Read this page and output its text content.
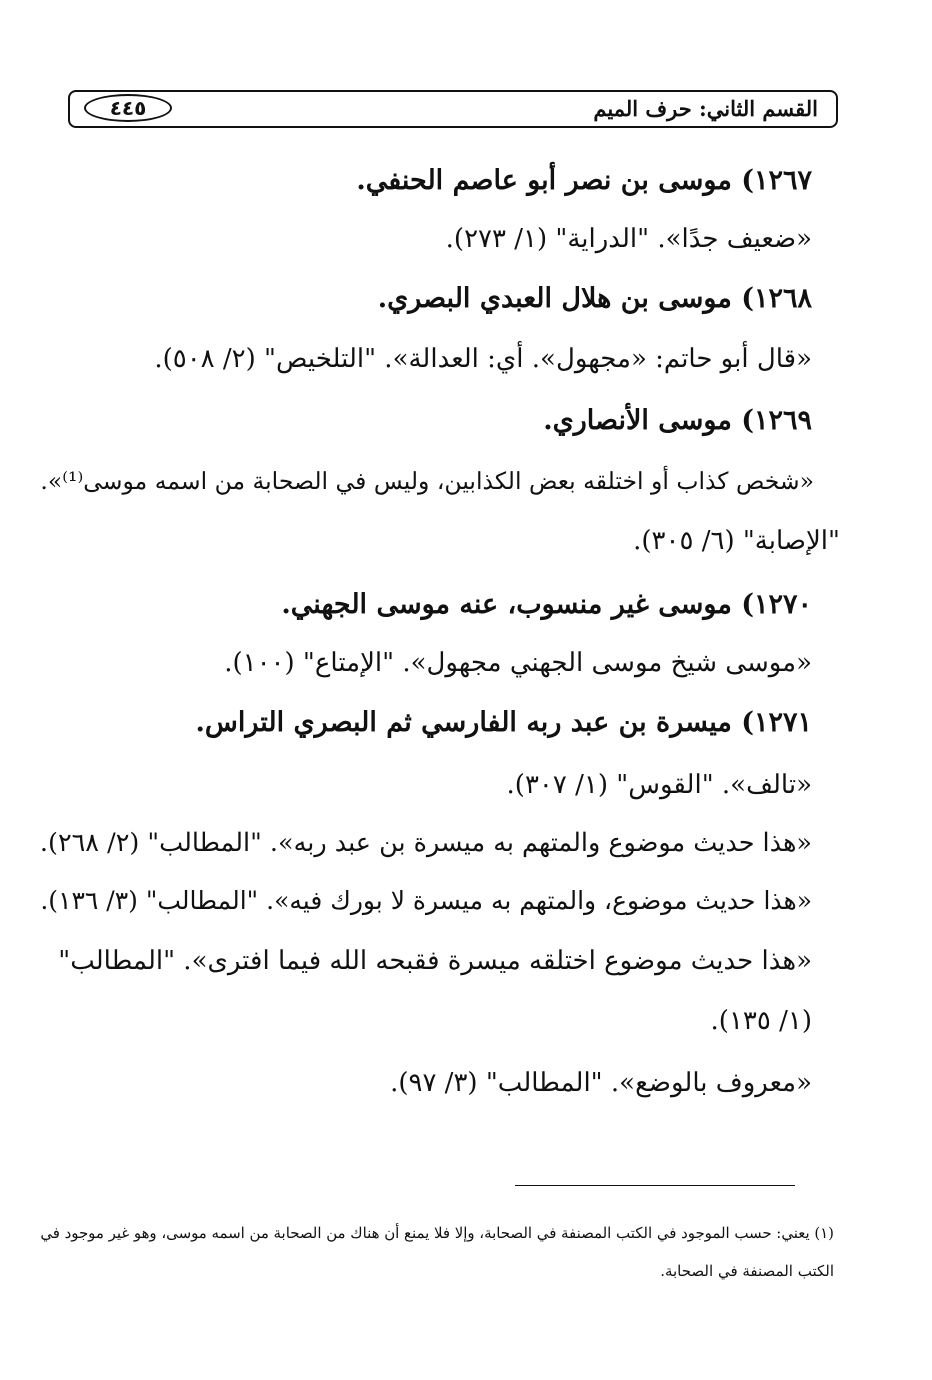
القسم الثاني: حرف الميم
٤٤٥
١٢٦٧) موسى بن نصر أبو عاصم الحنفي.
«ضعيف جدًا». "الدراية" (١/ ٢٧٣).
١٢٦٨) موسى بن هلال العبدي البصري.
«قال أبو حاتم: «مجهول». أي: العدالة». "التلخيص" (٢/ ٥٠٨).
١٢٦٩) موسى الأنصاري.
«شخص كذاب أو اختلقه بعض الكذابين، وليس في الصحابة من اسمه موسى⁽¹⁾».
"الإصابة" (٦/ ٣٠٥).
١٢٧٠) موسى غير منسوب، عنه موسى الجهني.
«موسى شيخ موسى الجهني مجهول». "الإمتاع" (١٠٠).
١٢٧١) ميسرة بن عبد ربه الفارسي ثم البصري التراس.
«تالف». "القوس" (١/ ٣٠٧).
«هذا حديث موضوع والمتهم به ميسرة بن عبد ربه». "المطالب" (٢/ ٢٦٨).
«هذا حديث موضوع، والمتهم به ميسرة لا بورك فيه». "المطالب" (٣/ ١٣٦).
«هذا حديث موضوع اختلقه ميسرة فقبحه الله فيما افترى». "المطالب"
(١/ ١٣٥).
«معروف بالوضع». "المطالب" (٣/ ٩٧).
(١) يعني: حسب الموجود في الكتب المصنفة في الصحابة، وإلا فلا يمنع أن هناك من الصحابة من اسمه موسى، وهو غير موجود في
الكتب المصنفة في الصحابة.
